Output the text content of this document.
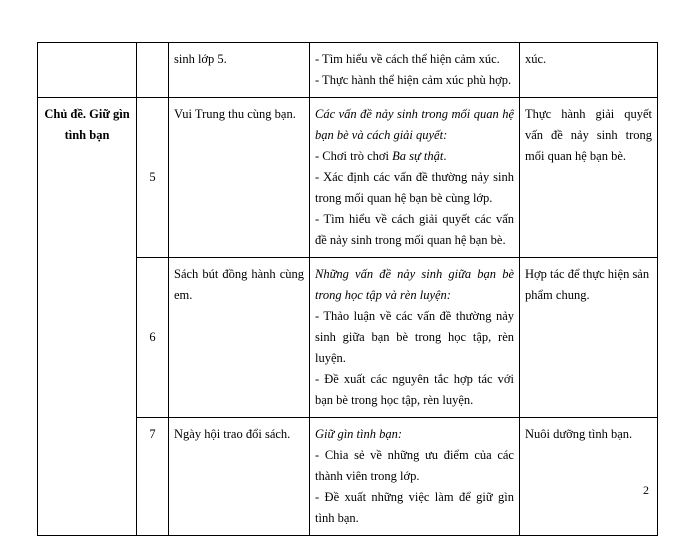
		sinh lớp 5.	- Tìm hiểu về cách thể hiện cảm xúc.
- Thực hành thể hiện cảm xúc phù hợp.	xúc.
Chủ đề. Giữ gìn tình bạn	5	Vui Trung thu cùng bạn.	Các vấn đề nảy sinh trong mối quan hệ bạn bè và cách giải quyết:
- Chơi trò chơi Ba sự thật.
- Xác định các vấn đề thường nảy sinh trong mối quan hệ bạn bè cùng lớp.
- Tìm hiểu về cách giải quyết các vấn đề nảy sinh trong mối quan hệ bạn bè.	Thực hành giải quyết vấn đề nảy sinh trong mối quan hệ bạn bè.
	6	Sách bút đồng hành cùng em.	Những vấn đề nảy sinh giữa bạn bè trong học tập và rèn luyện:
- Thảo luận về các vấn đề thường nảy sinh giữa bạn bè trong học tập, rèn luyện.
- Đề xuất các nguyên tắc hợp tác với bạn bè trong học tập, rèn luyện.	Hợp tác để thực hiện sản phẩm chung.
	7	Ngày hội trao đổi sách.	Giữ gìn tình bạn:
- Chia sẻ về những ưu điểm của các thành viên trong lớp.
- Đề xuất những việc làm để giữ gìn tình bạn.	Nuôi dưỡng tình bạn.
2
